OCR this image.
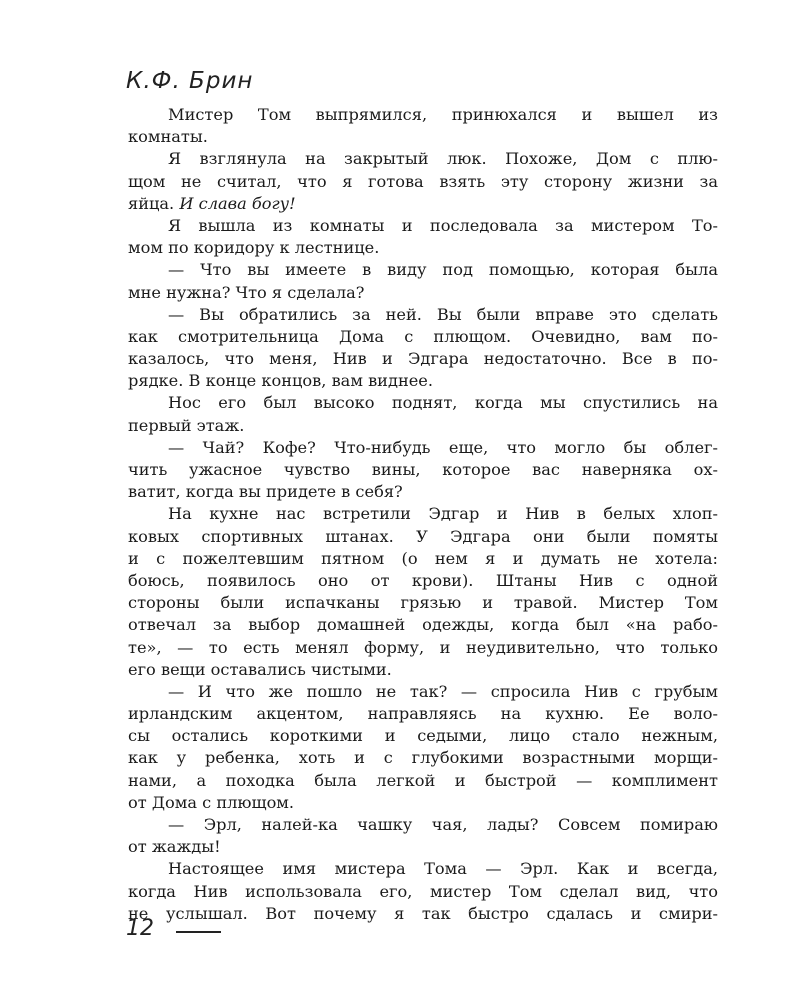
К.Ф. Брин
Мистер Том выпрямился, принюхался и вышел из
комнаты.
Я взглянула на закрытый люк. Похоже, Дом с плю-
щом не считал, что я готова взять эту сторону жизни за
яйца. И слава богу!
Я вышла из комнаты и последовала за мистером То-
мом по коридору к лестнице.
— Что вы имеете в виду под помощью, которая была
мне нужна? Что я сделала?
— Вы обратились за ней. Вы были вправе это сделать
как смотрительница Дома с плющом. Очевидно, вам по-
казалось, что меня, Нив и Эдгара недостаточно. Все в по-
рядке. В конце концов, вам виднее.
Нос его был высоко поднят, когда мы спустились на
первый этаж.
— Чай? Кофе? Что-нибудь еще, что могло бы облег-
чить ужасное чувство вины, которое вас наверняка ох-
ватит, когда вы придете в себя?
На кухне нас встретили Эдгар и Нив в белых хлоп-
ковых спортивных штанах. У Эдгара они были помяты
и с пожелтевшим пятном (о нем я и думать не хотела:
боюсь, появилось оно от крови). Штаны Нив с одной
стороны были испачканы грязью и травой. Мистер Том
отвечал за выбор домашней одежды, когда был «на рабо-
те», — то есть менял форму, и неудивительно, что только
его вещи оставались чистыми.
— И что же пошло не так? — спросила Нив с грубым
ирландским акцентом, направляясь на кухню. Ее воло-
сы остались короткими и седыми, лицо стало нежным,
как у ребенка, хоть и с глубокими возрастными морщи-
нами, а походка была легкой и быстрой — комплимент
от Дома с плющом.
— Эрл, налей-ка чашку чая, лады? Совсем помираю
от жажды!
Настоящее имя мистера Тома — Эрл. Как и всегда,
когда Нив использовала его, мистер Том сделал вид, что
не услышал. Вот почему я так быстро сдалась и смири-
12
